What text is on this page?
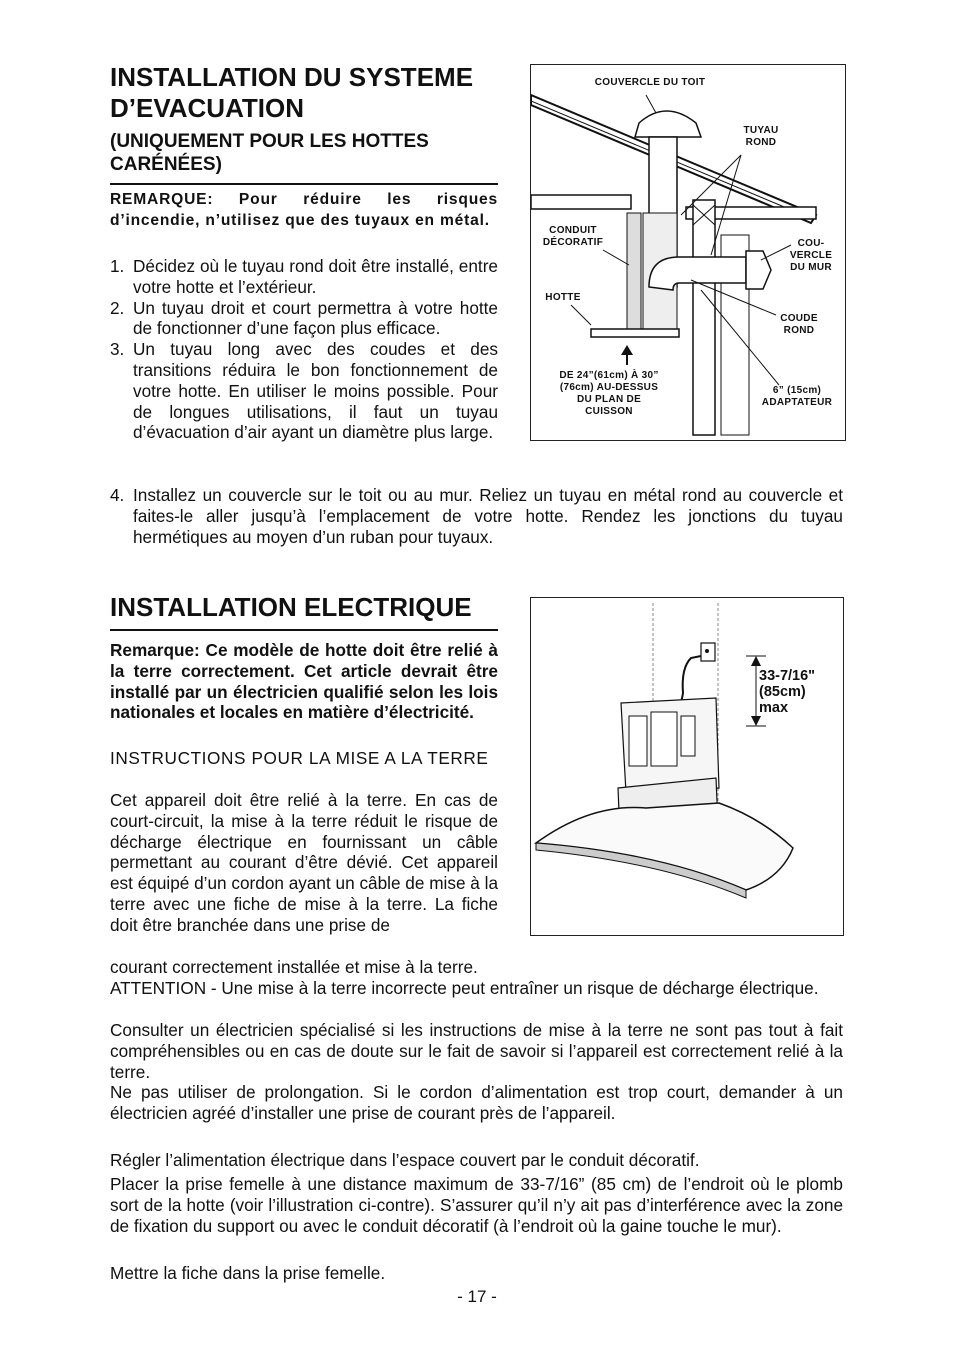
INSTALLATION DU SYSTEME

D’EVACUATION

(UNIQUEMENT POUR LES HOTTES

CARÉNÉES)

REMARQUE: Pour réduire les risques d’incendie, n’utilisez que des tuyaux en métal.
1. Décidez où le tuyau rond doit être installé, entre votre hotte et l’extérieur.
2. Un tuyau droit et court permettra à votre hotte de fonctionner d’une façon plus efficace.
3. Un tuyau long avec des coudes et des transitions réduira le bon fonctionnement de votre hotte. En utiliser le moins possible. Pour de longues utilisations, il faut un tuyau d’évacuation d’air ayant un diamètre plus large.
4. Installez un couvercle sur le toit ou au mur. Reliez un tuyau en métal rond au couvercle et faites-le aller jusqu’à l’emplacement de votre hotte. Rendez les jonctions du tuyau hermétiques au moyen d’un ruban pour tuyaux.
COUVERCLE DU TOIT
TUYAU
ROND
CONDUIT
DÉCORATIF	COU-
VERCLE
DU MUR
HOTTE
COUDE
ROND
DE 24”(61cm) À 30”
(76cm) AU-DESSUS
DU PLAN DE
CUISSON
6” (15cm)
ADAPTATEUR

INSTALLATION ELECTRIQUE

Remarque: Ce modèle de hotte doit être relié à la terre correctement. Cet article devrait être installé par un électricien qualifié selon les lois nationales et locales en matière d’électricité.
INSTRUCTIONS POUR LA MISE A LA TERRE
Cet appareil doit être relié à la terre. En cas de court-circuit, la mise à la terre réduit le risque de décharge électrique en fournissant un câble permettant au courant d’être dévié. Cet appareil est équipé d’un cordon ayant un câble de mise à la terre avec une fiche de mise à la terre. La fiche doit être branchée dans une prise de
courant correctement installée et mise à la terre.
ATTENTION - Une mise à la terre incorrecte peut entraîner un risque de décharge électrique.
Consulter un électricien spécialisé si les instructions de mise à la terre ne sont pas tout à fait compréhensibles ou en cas de doute sur le fait de savoir si l’appareil est correctement relié à la terre.
Ne pas utiliser de prolongation. Si le cordon d’alimentation est trop court, demander à un électricien agréé d’installer une prise de courant près de l’appareil.
Régler l’alimentation électrique dans l’espace couvert par le conduit décoratif.
Placer la prise femelle à une distance maximum de 33-7/16” (85 cm) de l’endroit où le plomb sort de la hotte (voir l’illustration ci-contre). S’assurer qu’il n’y ait pas d’interférence avec la zone de fixation du support ou avec le conduit décoratif (à l’endroit où la gaine touche le mur).
Mettre la fiche dans la prise femelle.
33-7/16"
(85cm)
max
- 17 -
